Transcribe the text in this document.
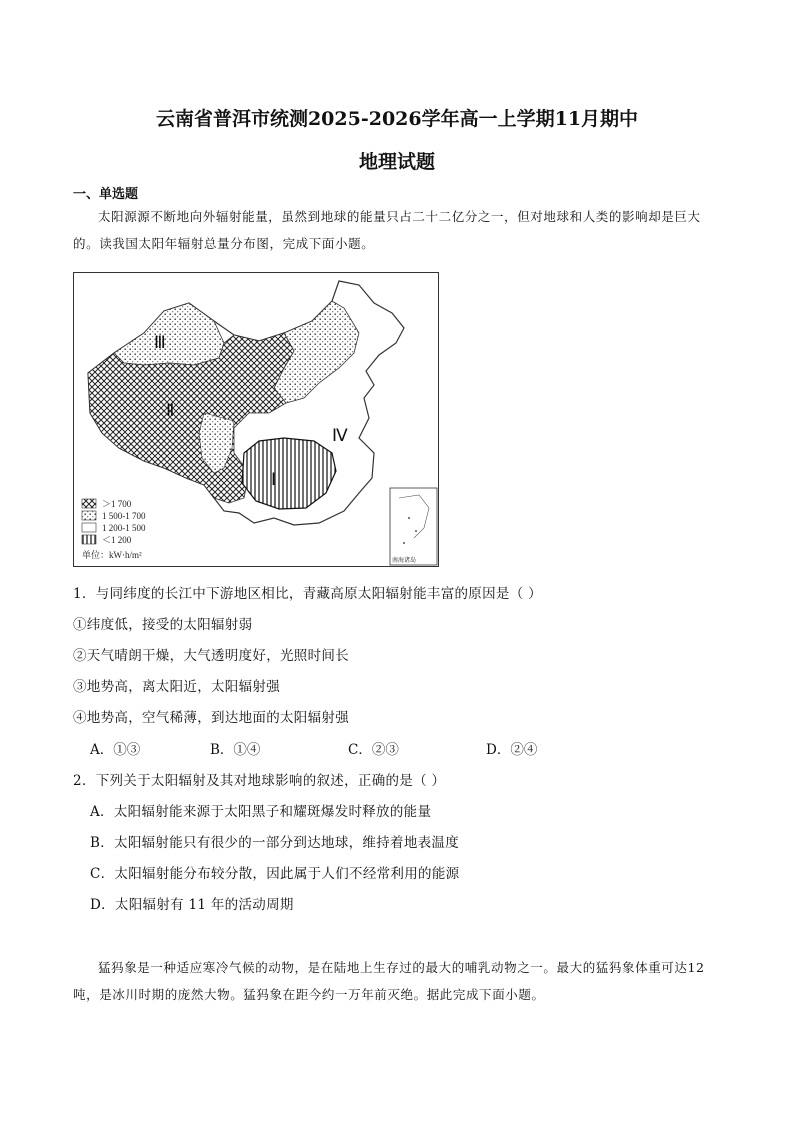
云南省普洱市统测2025-2026学年高一上学期11月期中
地理试题
一、单选题
太阳源源不断地向外辐射能量，虽然到地球的能量只占二十二亿分之一，但对地球和人类的影响却是巨大的。读我国太阳年辐射总量分布图，完成下面小题。
Ⅲ
Ⅱ
Ⅰ
Ⅳ
南海诸岛
＞1 700
1 500-1 700
1 200-1 500
＜1 200
单位：kW·h/m²
1．与同纬度的长江中下游地区相比，青藏高原太阳辐射能丰富的原因是（ ）
①纬度低，接受的太阳辐射弱
②天气晴朗干燥，大气透明度好，光照时间长
③地势高，离太阳近，太阳辐射强
④地势高，空气稀薄，到达地面的太阳辐射强
A．①③	B．①④	C．②③	D．②④
2．下列关于太阳辐射及其对地球影响的叙述，正确的是（ ）
A．太阳辐射能来源于太阳黑子和耀斑爆发时释放的能量
B．太阳辐射能只有很少的一部分到达地球，维持着地表温度
C．太阳辐射能分布较分散，因此属于人们不经常利用的能源
D．太阳辐射有 11 年的活动周期
猛犸象是一种适应寒冷气候的动物，是在陆地上生存过的最大的哺乳动物之一。最大的猛犸象体重可达12吨，是冰川时期的庞然大物。猛犸象在距今约一万年前灭绝。据此完成下面小题。
